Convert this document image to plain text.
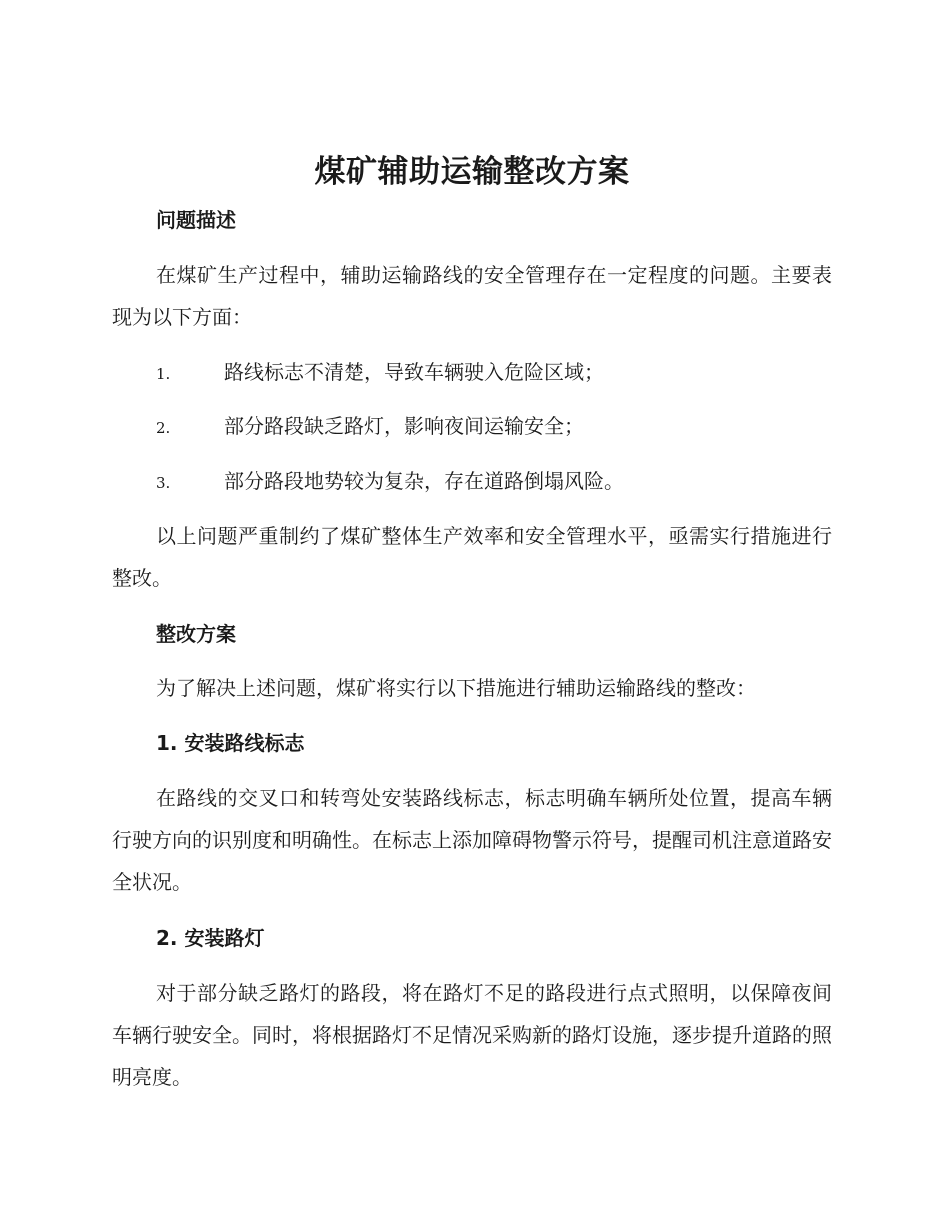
煤矿辅助运输整改方案
问题描述
在煤矿生产过程中，辅助运输路线的安全管理存在一定程度的问题。主要表现为以下方面：
1.	路线标志不清楚，导致车辆驶入危险区域；
2.	部分路段缺乏路灯，影响夜间运输安全；
3.	部分路段地势较为复杂，存在道路倒塌风险。
以上问题严重制约了煤矿整体生产效率和安全管理水平，亟需实行措施进行整改。
整改方案
为了解决上述问题，煤矿将实行以下措施进行辅助运输路线的整改：
1. 安装路线标志
在路线的交叉口和转弯处安装路线标志，标志明确车辆所处位置，提高车辆行驶方向的识别度和明确性。在标志上添加障碍物警示符号，提醒司机注意道路安全状况。
2. 安装路灯
对于部分缺乏路灯的路段，将在路灯不足的路段进行点式照明，以保障夜间车辆行驶安全。同时，将根据路灯不足情况采购新的路灯设施，逐步提升道路的照明亮度。
